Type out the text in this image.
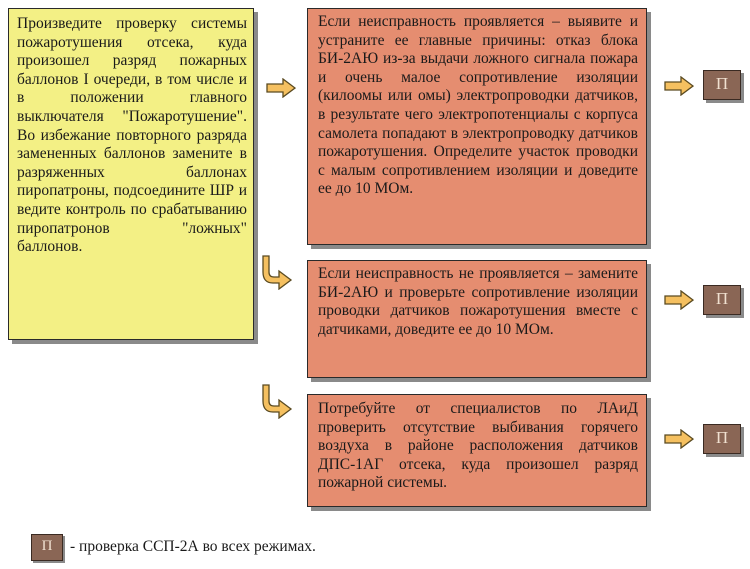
Произведите проверку системы пожаротушения отсека, куда произошел разряд пожарных баллонов I очереди, в том числе и в положении главного выключателя "Пожаротушение". Во избежание повторного разряда замененных баллонов замените в разряженных баллонах пиропатроны, подсоедините ШР и ведите контроль по срабатыванию пиропатронов "ложных" баллонов.

Если неисправность проявляется – выявите и устраните ее главные причины: отказ блока БИ-2АЮ из-за выдачи ложного сигнала пожара и очень малое сопротивление изоляции (килоомы или омы) электропроводки датчиков, в результате чего электропотенциалы с корпуса самолета попадают в электропроводку датчиков пожаротушения. Определите участок проводки с малым сопротивлением изоляции и доведите ее до 10 МОм.

Если неисправность не проявляется – замените БИ-2АЮ и проверьте сопротивление изоляции проводки датчиков пожаротушения вместе с датчиками, доведите ее до 10 МОм.

Потребуйте от специалистов по ЛАиД проверить отсутствие выбивания горячего воздуха в районе расположения датчиков ДПС-1АГ отсека, куда произошел разряд пожарной системы.

П
П
П
П	- проверка ССП-2А во всех режимах.
